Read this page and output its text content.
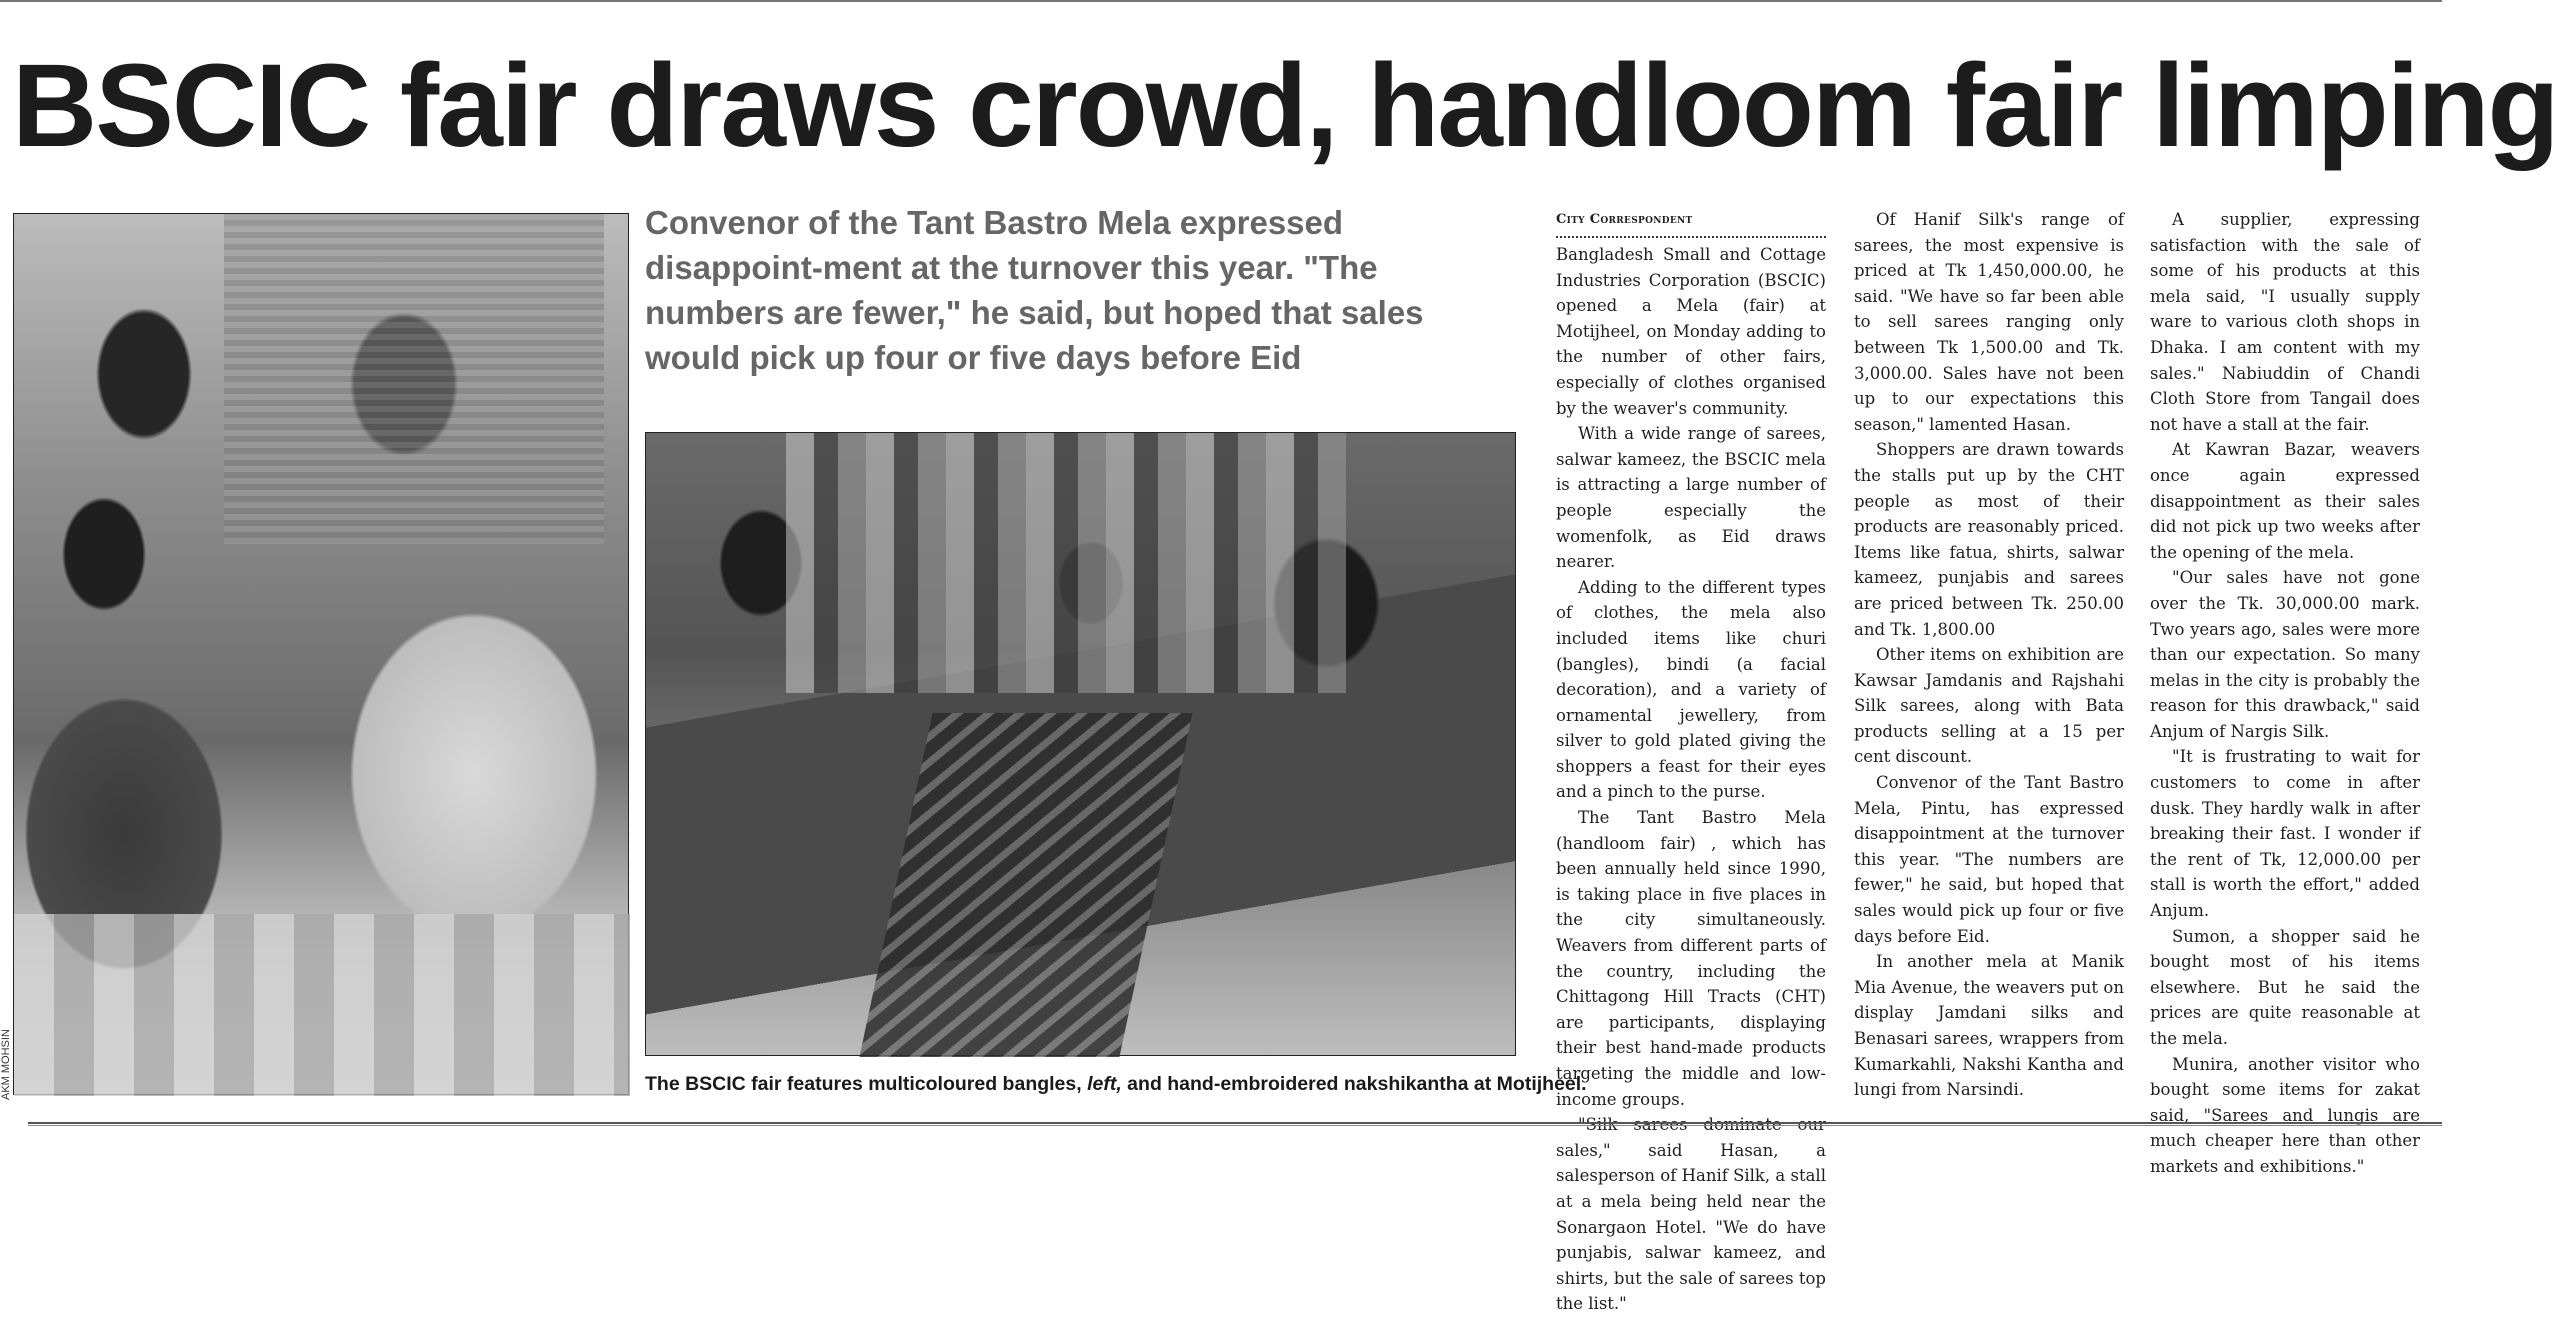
BSCIC fair draws crowd, handloom fair limping
AKM MOHSIN
Convenor of the Tant Bastro Mela expressed disappoint-ment at the turnover this year. "The numbers are fewer," he said, but hoped that sales would pick up four or five days before Eid
The BSCIC fair features multicoloured bangles, left, and hand-embroidered nakshikantha at Motijheel.

City Correspondent

Bangladesh Small and Cottage Industries Corporation (BSCIC) opened a Mela (fair) at Motijheel, on Monday adding to the number of other fairs, especially of clothes organised by the weaver's community.

With a wide range of sarees, salwar kameez, the BSCIC mela is attracting a large number of people especially the womenfolk, as Eid draws nearer.

Adding to the different types of clothes, the mela also included items like churi (bangles), bindi (a facial decoration), and a variety of ornamental jewellery, from silver to gold plated giving the shoppers a feast for their eyes and a pinch to the purse.

The Tant Bastro Mela (handloom fair) , which has been annually held since 1990, is taking place in five places in the city simultaneously. Weavers from different parts of the country, including the Chittagong Hill Tracts (CHT) are participants, displaying their best hand-made products targeting the middle and low-income groups.

"Silk sarees dominate our sales," said Hasan, a salesperson of Hanif Silk, a stall at a mela being held near the Sonargaon Hotel. "We do have punjabis, salwar kameez, and shirts, but the sale of sarees top the list."

Of Hanif Silk's range of sarees, the most expensive is priced at Tk 1,450,000.00, he said. "We have so far been able to sell sarees ranging only between Tk 1,500.00 and Tk. 3,000.00. Sales have not been up to our expectations this season," lamented Hasan.

Shoppers are drawn towards the stalls put up by the CHT people as most of their products are reasonably priced. Items like fatua, shirts, salwar kameez, punjabis and sarees are priced between Tk. 250.00 and Tk. 1,800.00

Other items on exhibition are Kawsar Jamdanis and Rajshahi Silk sarees, along with Bata products selling at a 15 per cent discount.

Convenor of the Tant Bastro Mela, Pintu, has expressed disappointment at the turnover this year. "The numbers are fewer," he said, but hoped that sales would pick up four or five days before Eid.

In another mela at Manik Mia Avenue, the weavers put on display Jamdani silks and Benasari sarees, wrappers from Kumarkahli, Nakshi Kantha and lungi from Narsindi.

A supplier, expressing satisfaction with the sale of some of his products at this mela said, "I usually supply ware to various cloth shops in Dhaka. I am content with my sales." Nabiuddin of Chandi Cloth Store from Tangail does not have a stall at the fair.

At Kawran Bazar, weavers once again expressed disappointment as their sales did not pick up two weeks after the opening of the mela.

"Our sales have not gone over the Tk. 30,000.00 mark. Two years ago, sales were more than our expectation. So many melas in the city is probably the reason for this drawback," said Anjum of Nargis Silk.

"It is frustrating to wait for customers to come in after dusk. They hardly walk in after breaking their fast. I wonder if the rent of Tk, 12,000.00 per stall is worth the effort," added Anjum.

Sumon, a shopper said he bought most of his items elsewhere. But he said the prices are quite reasonable at the mela.

Munira, another visitor who bought some items for zakat said, "Sarees and lungis are much cheaper here than other markets and exhibitions."
